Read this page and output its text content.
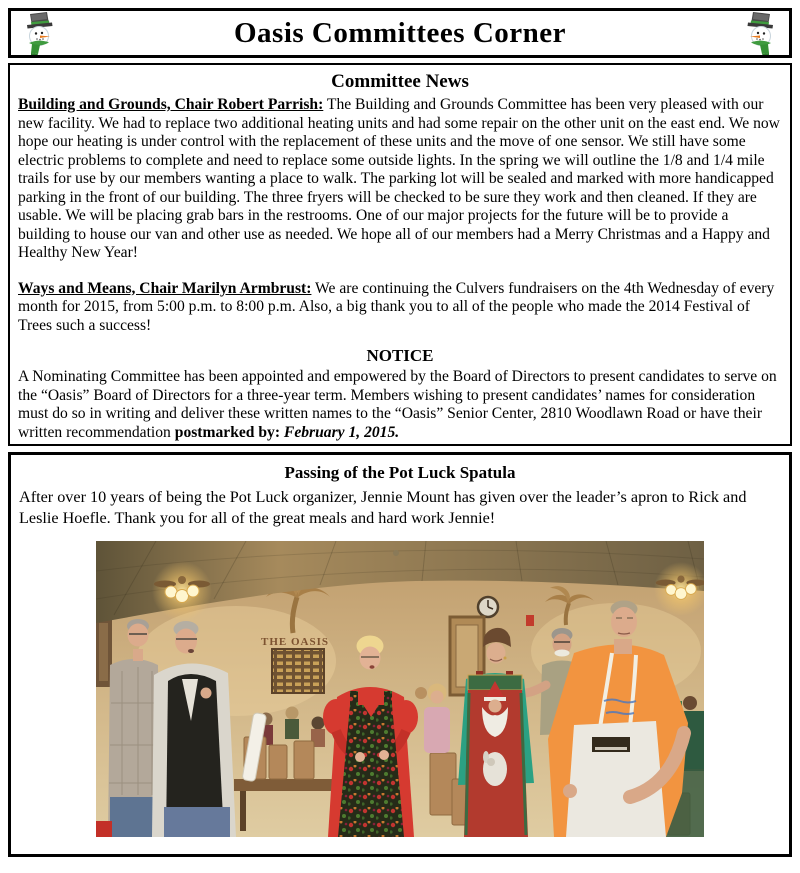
Oasis Committees Corner
Committee News

Building and Grounds, Chair Robert Parrish: The Building and Grounds Committee has been very pleased with our new facility. We had to replace two additional heating units and had some repair on the other unit on the east end. We now hope our heating is under control with the replacement of these units and the move of one sensor. We still have some electric problems to complete and need to replace some outside lights. In the spring we will outline the 1/8 and 1/4 mile trails for use by our members wanting a place to walk. The parking lot will be sealed and marked with more handicapped parking in the front of our building. The three fryers will be checked to be sure they work and then cleaned. If they are usable. We will be placing grab bars in the restrooms. One of our major projects for the future will be to provide a building to house our van and other use as needed. We hope all of our members had a Merry Christmas and a Happy and Healthy New Year!

Ways and Means, Chair Marilyn Armbrust: We are continuing the Culvers fundraisers on the 4th Wednesday of every month for 2015, from 5:00 p.m. to 8:00 p.m. Also, a big thank you to all of the people who made the 2014 Festival of Trees such a success!

NOTICE

A Nominating Committee has been appointed and empowered by the Board of Directors to present candidates to serve on the “Oasis” Board of Directors for a three-year term. Members wishing to present candidates’ names for consideration must do so in writing and deliver these written names to the “Oasis” Senior Center, 2810 Woodlawn Road or have their written recommendation postmarked by: February 1, 2015.

Passing of the Pot Luck Spatula

After over 10 years of being the Pot Luck organizer, Jennie Mount has given over the leader’s apron to Rick and Leslie Hoefle. Thank you for all of the great meals and hard work Jennie!

THE OASIS
